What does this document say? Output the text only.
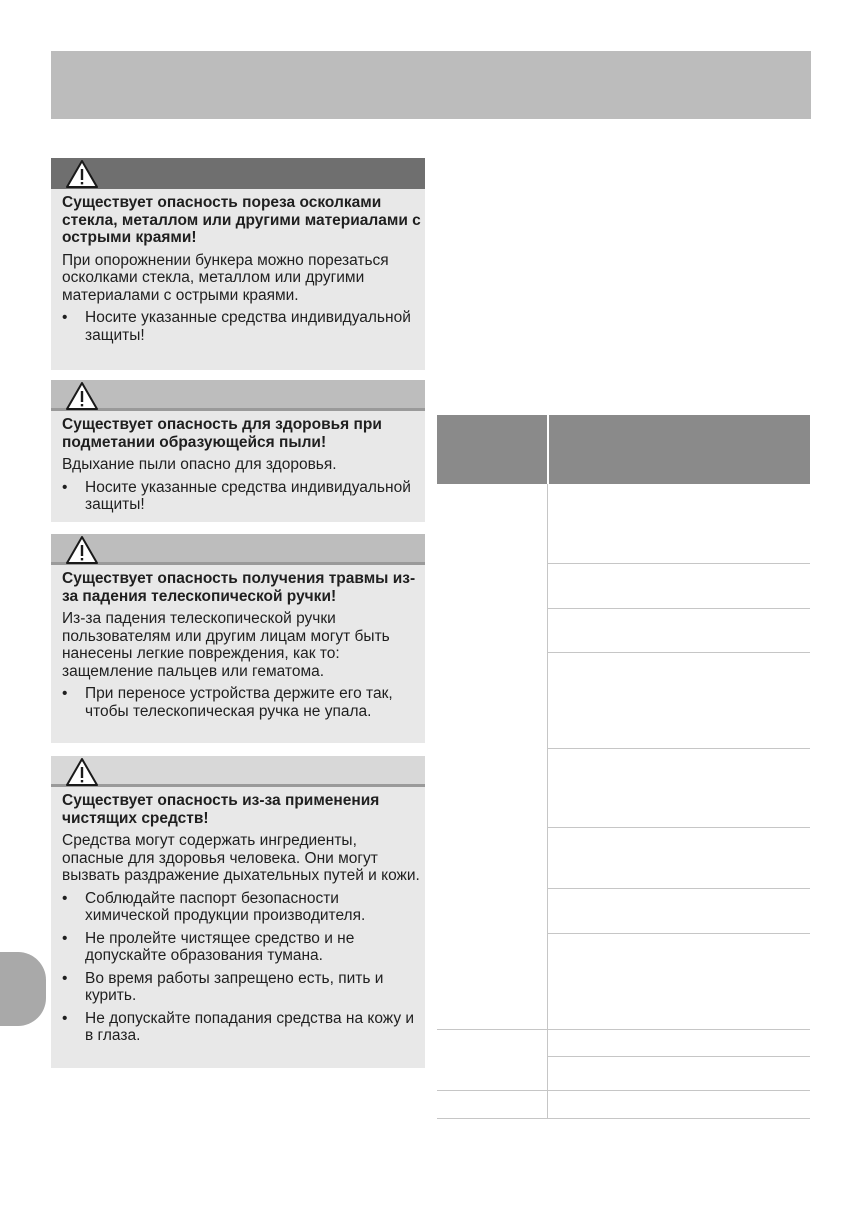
Существует опасность пореза осколками стекла, металлом или другими материалами с острыми краями!

При опорожнении бункера можно порезаться осколками стекла, металлом или другими материалами с острыми краями.

• Носите указанные средства индивидуальной защиты!

Существует опасность для здоровья при подметании образующейся пыли!

Вдыхание пыли опасно для здоровья.

• Носите указанные средства индивидуальной защиты!

Существует опасность получения травмы из-за падения телескопической ручки!

Из-за падения телескопической ручки пользователям или другим лицам могут быть нанесены легкие повреждения, как то: защемление пальцев или гематома.

• При переносе устройства держите его так, чтобы телескопическая ручка не упала.

Существует опасность из-за применения чистящих средств!

Средства могут содержать ингредиенты, опасные для здоровья человека. Они могут вызвать раздражение дыхательных путей и кожи.

• Соблюдайте паспорт безопасности химической продукции производителя.
• Не пролейте чистящее средство и не допускайте образования тумана.
• Во время работы запрещено есть, пить и курить.
• Не допускайте попадания средства на кожу и в глаза.
